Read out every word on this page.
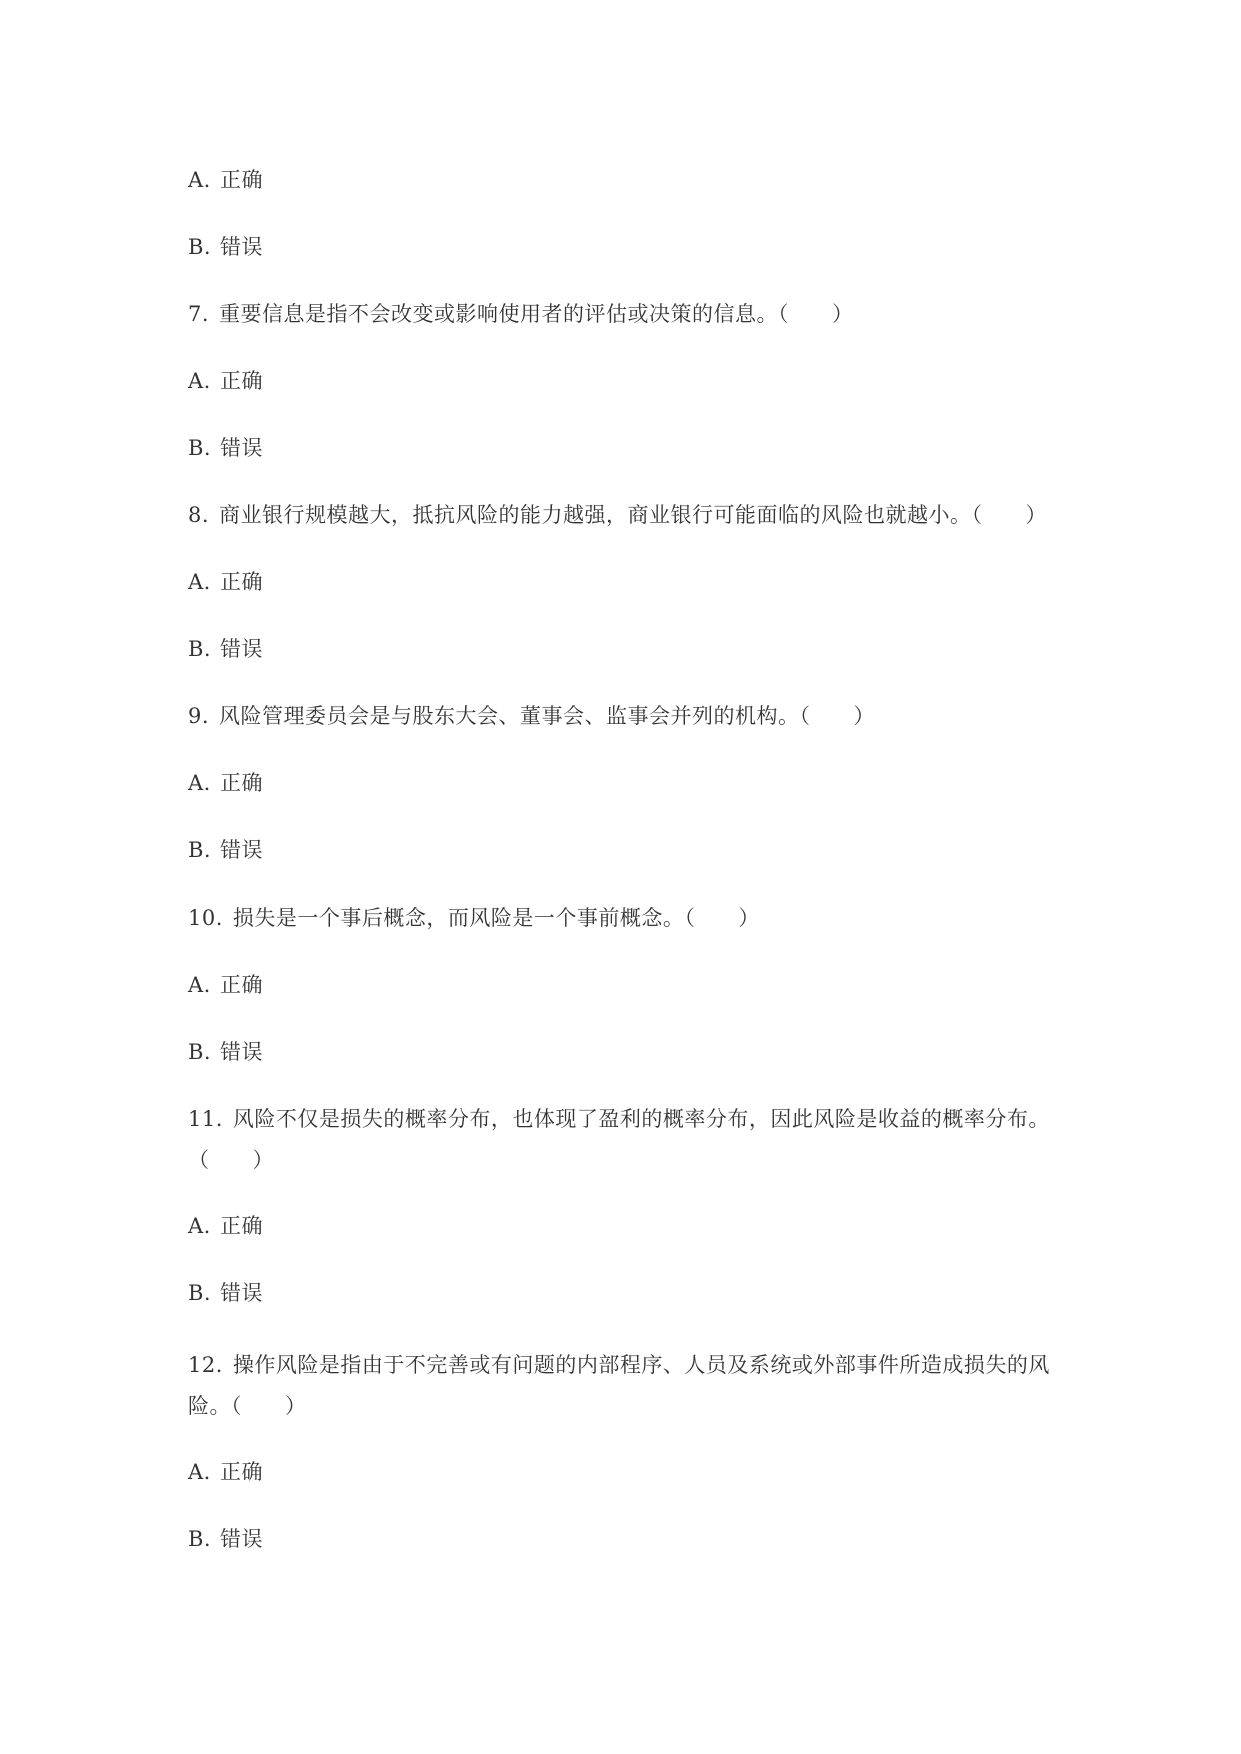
A. 正确
B. 错误
7. 重要信息是指不会改变或影响使用者的评估或决策的信息。（　　）
A. 正确
B. 错误
8. 商业银行规模越大，抵抗风险的能力越强，商业银行可能面临的风险也就越小。（　　）
A. 正确
B. 错误
9. 风险管理委员会是与股东大会、董事会、监事会并列的机构。（　　）
A. 正确
B. 错误
10. 损失是一个事后概念，而风险是一个事前概念。（　　）
A. 正确
B. 错误
11. 风险不仅是损失的概率分布，也体现了盈利的概率分布，因此风险是收益的概率分布。
（　　）
A. 正确
B. 错误
12. 操作风险是指由于不完善或有问题的内部程序、人员及系统或外部事件所造成损失的风
险。（　　）
A. 正确
B. 错误
